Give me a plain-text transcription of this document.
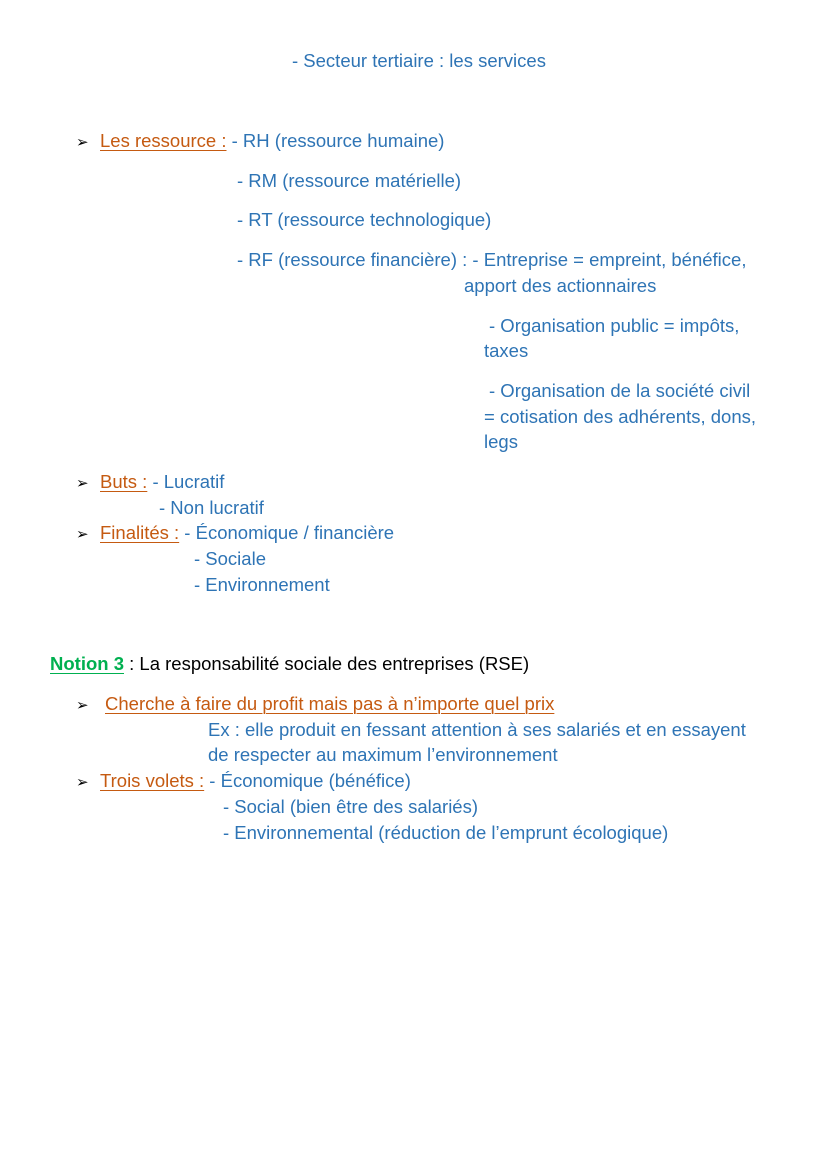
- Secteur tertiaire : les services
➢ Les ressource : - RH (ressource humaine)
- RM (ressource matérielle)
- RT (ressource technologique)
- RF (ressource financière) : - Entreprise = empreint, bénéfice,
apport des actionnaires
- Organisation public = impôts,
taxes
- Organisation de la société civil
= cotisation des adhérents, dons,
legs
➢ Buts : - Lucratif
- Non lucratif
➢ Finalités : - Économique / financière
- Sociale
- Environnement
Notion 3 : La responsabilité sociale des entreprises (RSE)
➢ Cherche à faire du profit mais pas à n’importe quel prix
Ex : elle produit en fessant attention à ses salariés et en essayent
de respecter au maximum l’environnement
➢ Trois volets : - Économique (bénéfice)
- Social (bien être des salariés)
- Environnemental (réduction de l’emprunt écologique)
